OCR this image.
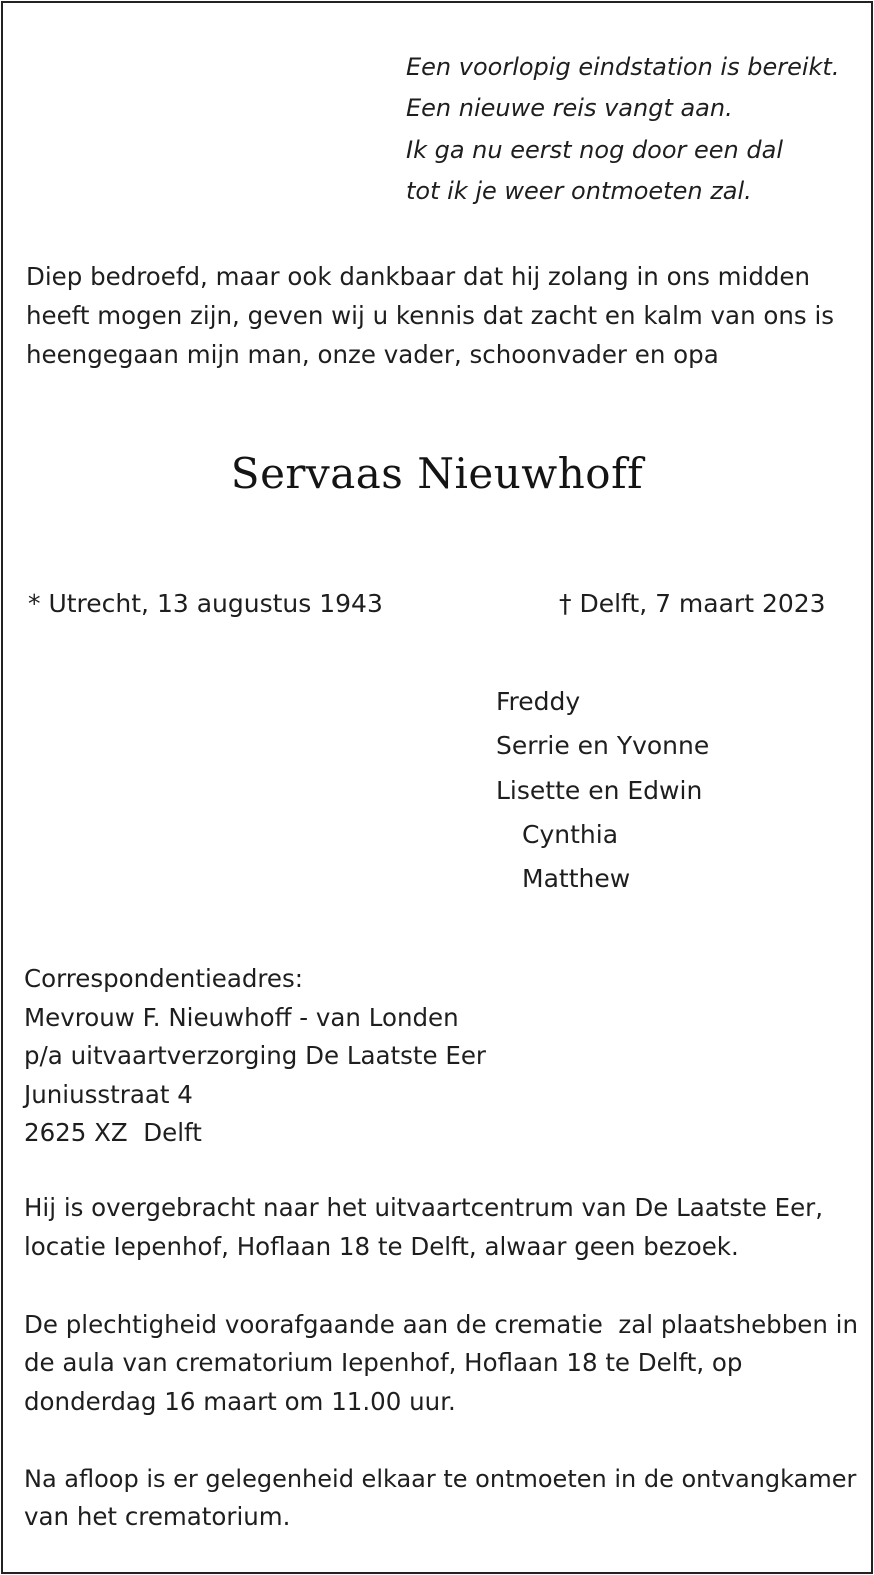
Een voorlopig eindstation is bereikt.
Een nieuwe reis vangt aan.
Ik ga nu eerst nog door een dal
tot ik je weer ontmoeten zal.
Diep bedroefd, maar ook dankbaar dat hij zolang in ons midden
heeft mogen zijn, geven wij u kennis dat zacht en kalm van ons is
heengegaan mijn man, onze vader, schoonvader en opa
Servaas Nieuwhoff
* Utrecht, 13 augustus 1943	† Delft, 7 maart 2023
Freddy
Serrie en Yvonne
Lisette en Edwin
Cynthia
Matthew
Correspondentieadres:
Mevrouw F. Nieuwhoff - van Londen
p/a uitvaartverzorging De Laatste Eer
Juniusstraat 4
2625 XZ  Delft
Hij is overgebracht naar het uitvaartcentrum van De Laatste Eer,
locatie Iepenhof, Hoflaan 18 te Delft, alwaar geen bezoek.
De plechtigheid voorafgaande aan de crematie  zal plaatshebben in
de aula van crematorium Iepenhof, Hoflaan 18 te Delft, op
donderdag 16 maart om 11.00 uur.
Na afloop is er gelegenheid elkaar te ontmoeten in de ontvangkamer
van het crematorium.
